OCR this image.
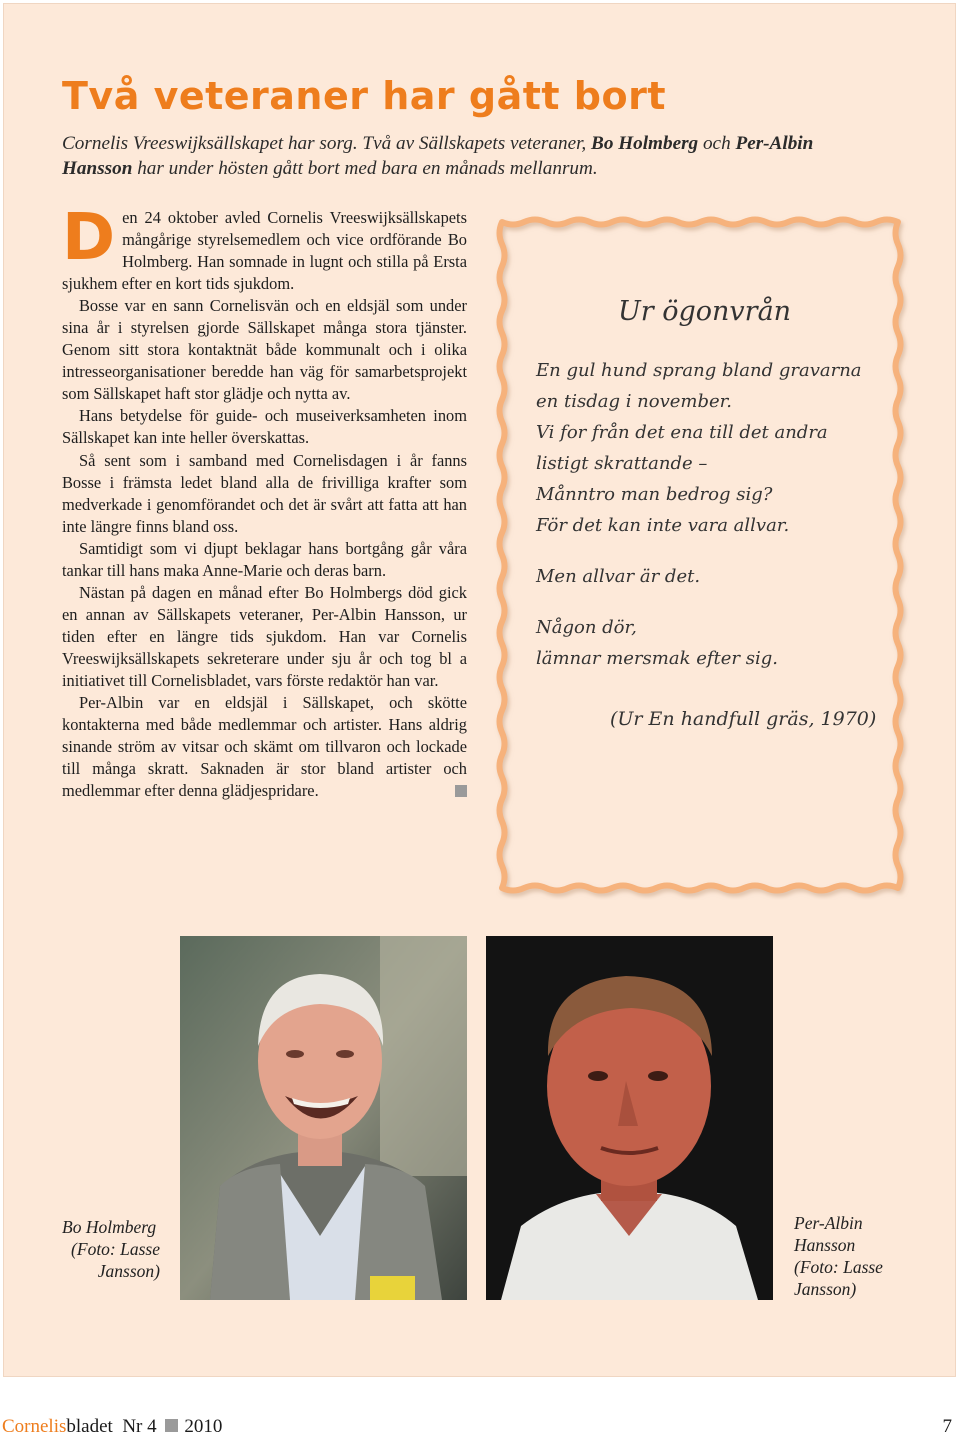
Två veteraner har gått bort
Cornelis Vreeswijksällskapet har sorg. Två av Sällskapets veteraner, Bo Holmberg och Per-Albin Hansson har under hösten gått bort med bara en månads mellanrum.

Den 24 oktober avled Cornelis Vreeswijksällskapets mångårige styrelsemedlem och vice ordförande Bo Holmberg. Han somnade in lugnt och stilla på Ersta sjukhem efter en kort tids sjukdom.

Bosse var en sann Cornelisvän och en eldsjäl som under sina år i styrelsen gjorde Sällskapet många stora tjänster. Genom sitt stora kontaktnät både kommunalt och i olika intresseorganisationer beredde han väg för samarbetsprojekt som Sällskapet haft stor glädje och nytta av.

Hans betydelse för guide- och museiverksamheten inom Sällskapet kan inte heller överskattas.

Så sent som i samband med Cornelisdagen i år fanns Bosse i främsta ledet bland alla de frivilliga krafter som medverkade i genomförandet och det är svårt att fatta att han inte längre finns bland oss.

Samtidigt som vi djupt beklagar hans bortgång går våra tankar till hans maka Anne-Marie och deras barn.

Nästan på dagen en månad efter Bo Holmbergs död gick en annan av Sällskapets veteraner, Per-Albin Hansson, ur tiden efter en längre tids sjukdom. Han var Cornelis Vreeswijksällskapets sekreterare under sju år och tog bl a initiativet till Cornelisbladet, vars förste redaktör han var.

Per-Albin var en eldsjäl i Sällskapet, och skötte kontakterna med både medlemmar och artister. Hans aldrig sinande ström av vitsar och skämt om tillvaron och lockade till många skratt. Saknaden är stor bland artister och medlemmar efter denna glädjespridare.

Ur ögonvrån
En gul hund sprang bland gravarna
en tisdag i november.
Vi for från det ena till det andra
listigt skrattande –
Månntro man bedrog sig?
För det kan inte vara allvar.
Men allvar är det.
Någon dör,
lämnar mersmak efter sig.
(Ur En handfull gräs, 1970)
Bo Holmberg
(Foto: Lasse
Jansson)
Per-Albin
Hansson
(Foto: Lasse
Jansson)
Cornelisbladet Nr 4 2010	7
